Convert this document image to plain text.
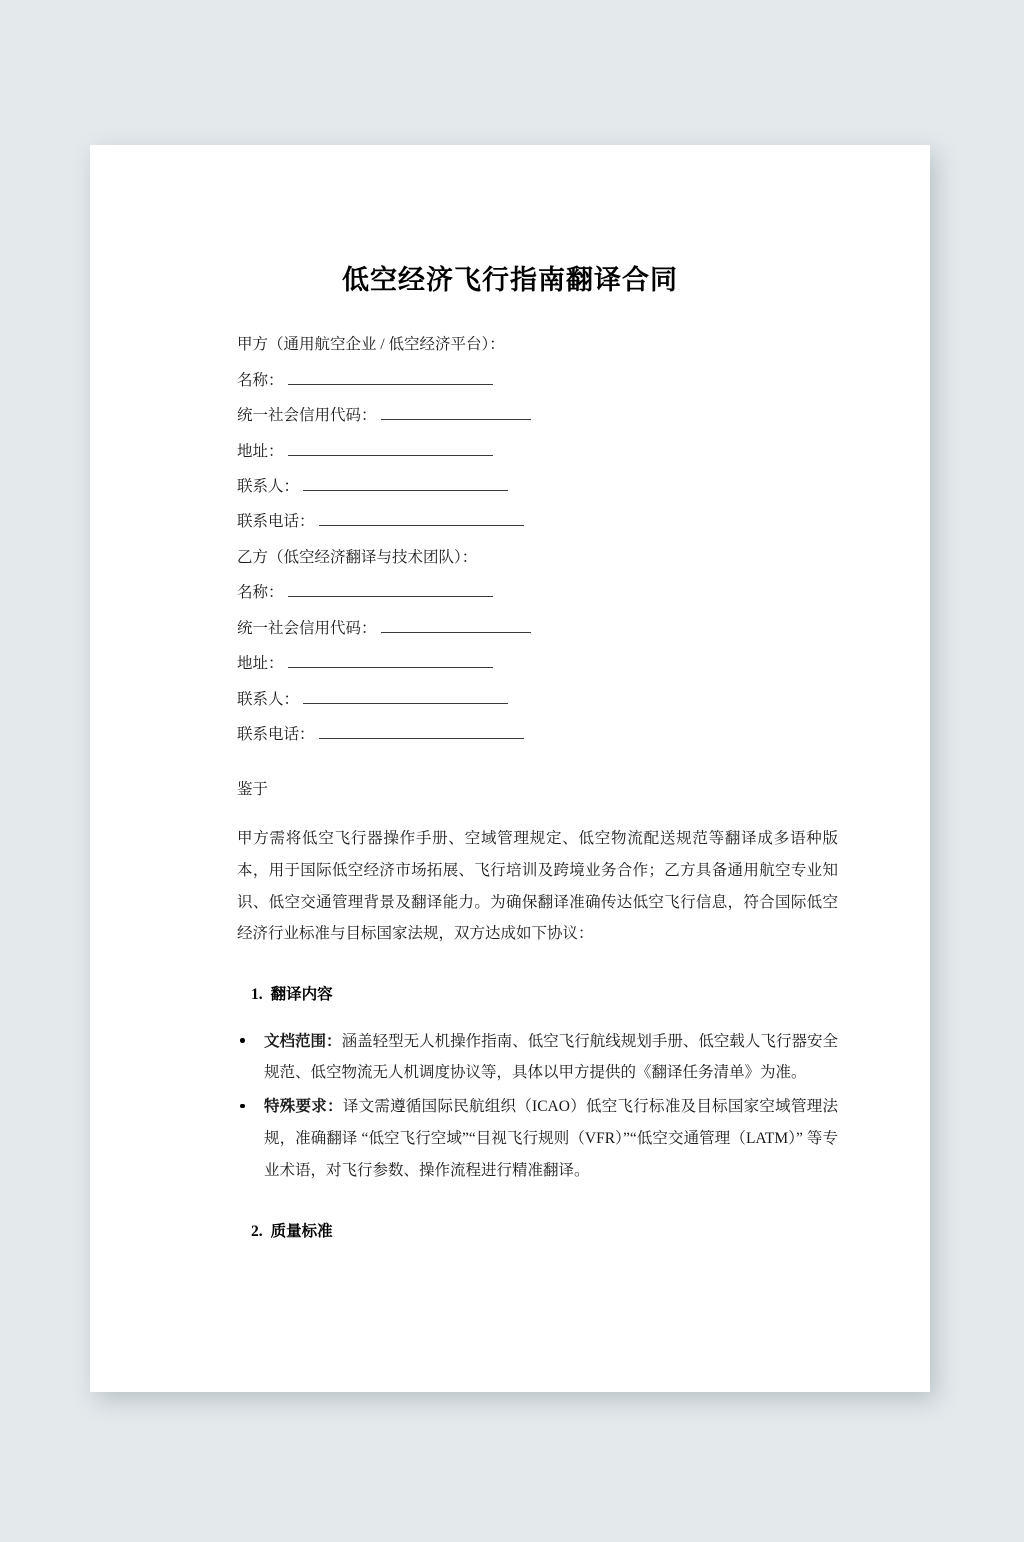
低空经济飞行指南翻译合同

甲方（通用航空企业 / 低空经济平台）：

名称：

统一社会信用代码：

地址：

联系人：

联系电话：

乙方（低空经济翻译与技术团队）：

名称：

统一社会信用代码：

地址：

联系人：

联系电话：

鉴于

甲方需将低空飞行器操作手册、空域管理规定、低空物流配送规范等翻译成多语种版本，用于国际低空经济市场拓展、飞行培训及跨境业务合作；乙方具备通用航空专业知识、低空交通管理背景及翻译能力。为确保翻译准确传达低空飞行信息，符合国际低空经济行业标准与目标国家法规，双方达成如下协议：

1. 翻译内容

文档范围：涵盖轻型无人机操作指南、低空飞行航线规划手册、低空载人飞行器安全规范、低空物流无人机调度协议等，具体以甲方提供的《翻译任务清单》为准。
特殊要求：译文需遵循国际民航组织（ICAO）低空飞行标准及目标国家空域管理法规，准确翻译 “低空飞行空域”“目视飞行规则（VFR）”“低空交通管理（LATM）” 等专业术语，对飞行参数、操作流程进行精准翻译。

2. 质量标准
